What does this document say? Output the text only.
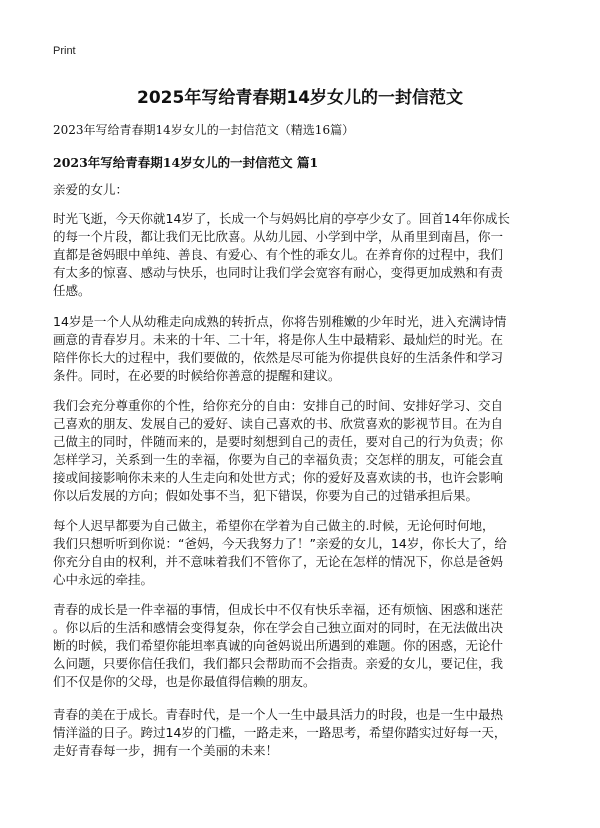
Print
2025年写给青春期14岁女儿的一封信范文
2023年写给青春期14岁女儿的一封信范文（精选16篇）
2023年写给青春期14岁女儿的一封信范文 篇1
亲爱的女儿：
时光飞逝，今天你就14岁了，长成一个与妈妈比肩的亭亭少女了。回首14年你成长
的每一个片段，都让我们无比欣喜。从幼儿园、小学到中学，从甬里到南昌，你一
直都是爸妈眼中单纯、善良、有爱心、有个性的乖女儿。在养育你的过程中，我们
有太多的惊喜、感动与快乐，也同时让我们学会宽容有耐心，变得更加成熟和有责
任感。
14岁是一个人从幼稚走向成熟的转折点，你将告别稚嫩的少年时光，进入充满诗情
画意的青春岁月。未来的十年、二十年，将是你人生中最精彩、最灿烂的时光。在
陪伴你长大的过程中，我们要做的，依然是尽可能为你提供良好的生活条件和学习
条件。同时，在必要的时候给你善意的提醒和建议。
我们会充分尊重你的个性，给你充分的自由：安排自己的时间、安排好学习、交自
己喜欢的朋友、发展自己的爱好、读自己喜欢的书、欣赏喜欢的影视节目。在为自
己做主的同时，伴随而来的，是要时刻想到自己的责任，要对自己的行为负责；你
怎样学习，关系到一生的幸福，你要为自己的幸福负责；交怎样的朋友，可能会直
接或间接影响你未来的人生走向和处世方式；你的爱好及喜欢读的书，也许会影响
你以后发展的方向；假如处事不当，犯下错误，你要为自己的过错承担后果。
每个人迟早都要为自己做主，希望你在学着为自己做主的.时候，无论何时何地，
我们只想听听到你说：“爸妈，今天我努力了！”亲爱的女儿，14岁，你长大了，给
你充分自由的权利，并不意味着我们不管你了，无论在怎样的情况下，你总是爸妈
心中永远的牵挂。
青春的成长是一件幸福的事情，但成长中不仅有快乐幸福，还有烦恼、困惑和迷茫
。你以后的生活和感情会变得复杂，你在学会自己独立面对的同时，在无法做出决
断的时候，我们希望你能坦率真诚的向爸妈说出所遇到的难题。你的困惑，无论什
么问题，只要你信任我们，我们都只会帮助而不会指责。亲爱的女儿，要记住，我
们不仅是你的父母，也是你最值得信赖的朋友。
青春的美在于成长。青春时代，是一个人一生中最具活力的时段，也是一生中最热
情洋溢的日子。跨过14岁的门槛，一路走来，一路思考，希望你踏实过好每一天，
走好青春每一步，拥有一个美丽的未来！
